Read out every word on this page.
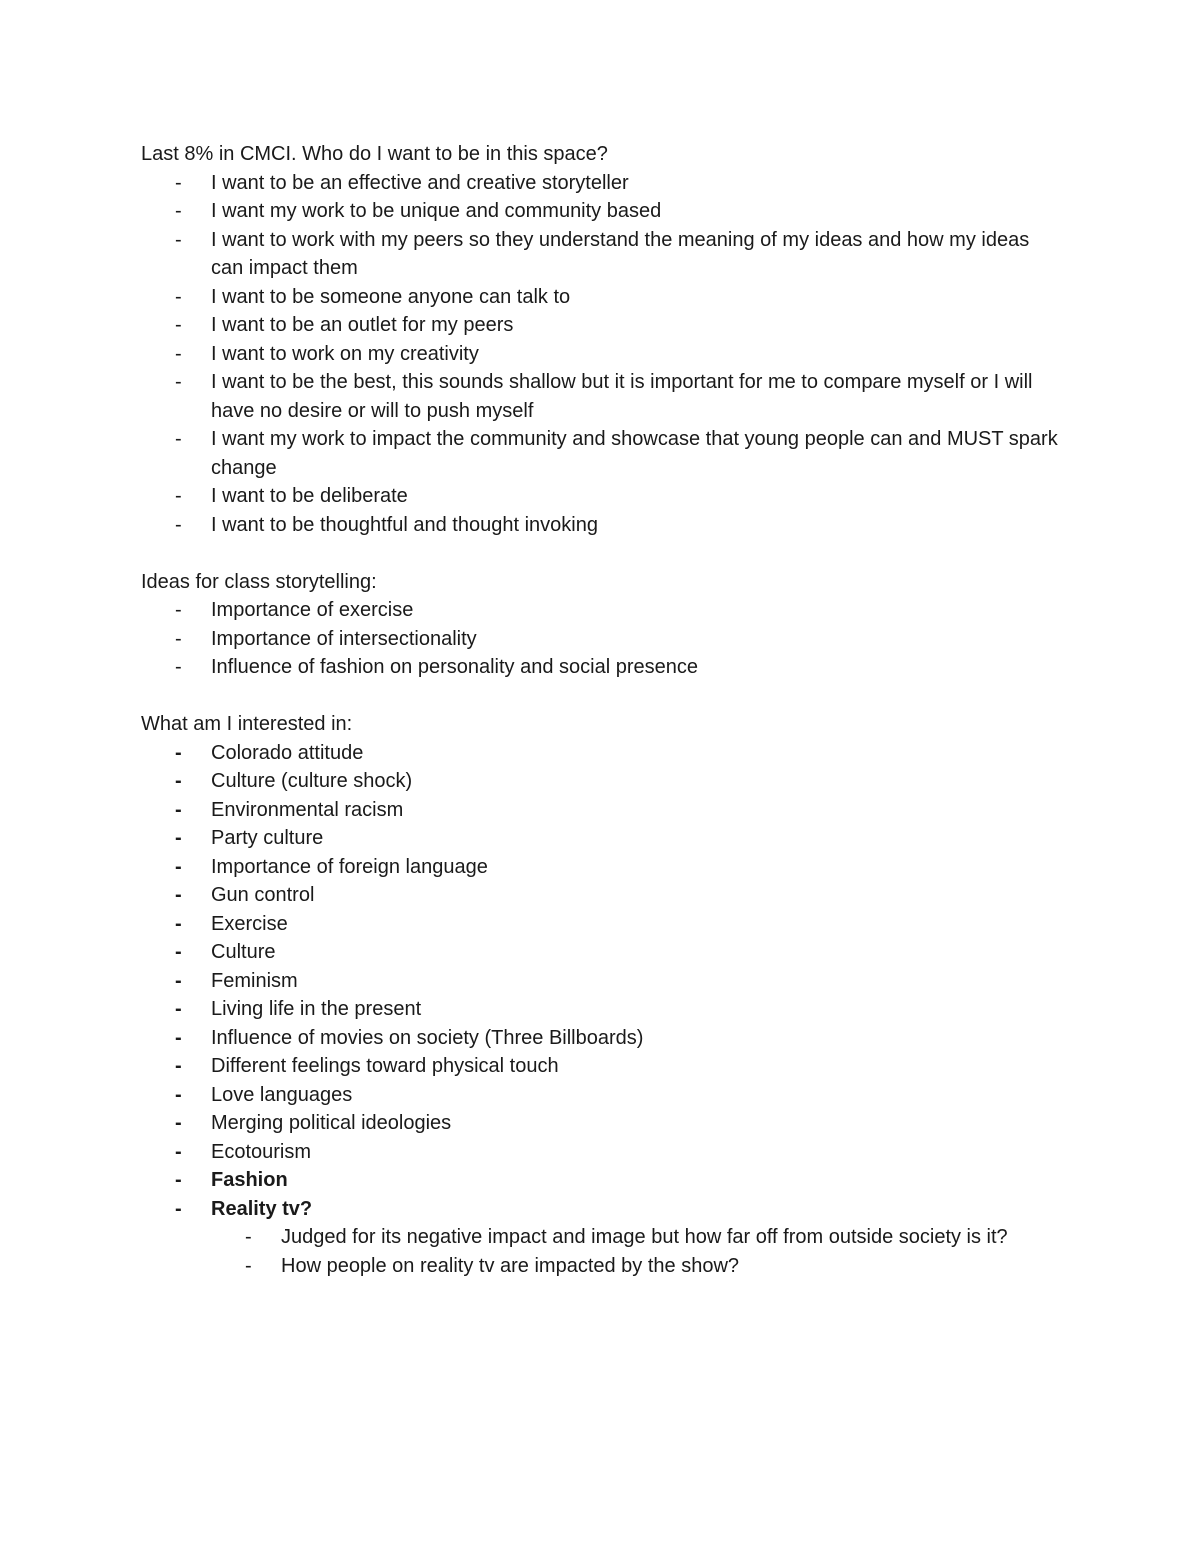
Last 8% in CMCI. Who do I want to be in this space?

-	I want to be an effective and creative storyteller
-	I want my work to be unique and community based
-	I want to work with my peers so they understand the meaning of my ideas and how my ideas can impact them
-	I want to be someone anyone can talk to
-	I want to be an outlet for my peers
-	I want to work on my creativity
-	I want to be the best, this sounds shallow but it is important for me to compare myself or I will have no desire or will to push myself
-	I want my work to impact the community and showcase that young people can and MUST spark change
-	I want to be deliberate
-	I want to be thoughtful and thought invoking

Ideas for class storytelling:

-	Importance of exercise
-	Importance of intersectionality
-	Influence of fashion on personality and social presence

What am I interested in:

-	Colorado attitude
-	Culture (culture shock)
-	Environmental racism
-	Party culture
-	Importance of foreign language
-	Gun control
-	Exercise
-	Culture
-	Feminism
-	Living life in the present
-	Influence of movies on society (Three Billboards)
-	Different feelings toward physical touch
-	Love languages
-	Merging political ideologies
-	Ecotourism
-	Fashion
-	Reality tv?
-	Judged for its negative impact and image but how far off from outside society is it?
-	How people on reality tv are impacted by the show?
